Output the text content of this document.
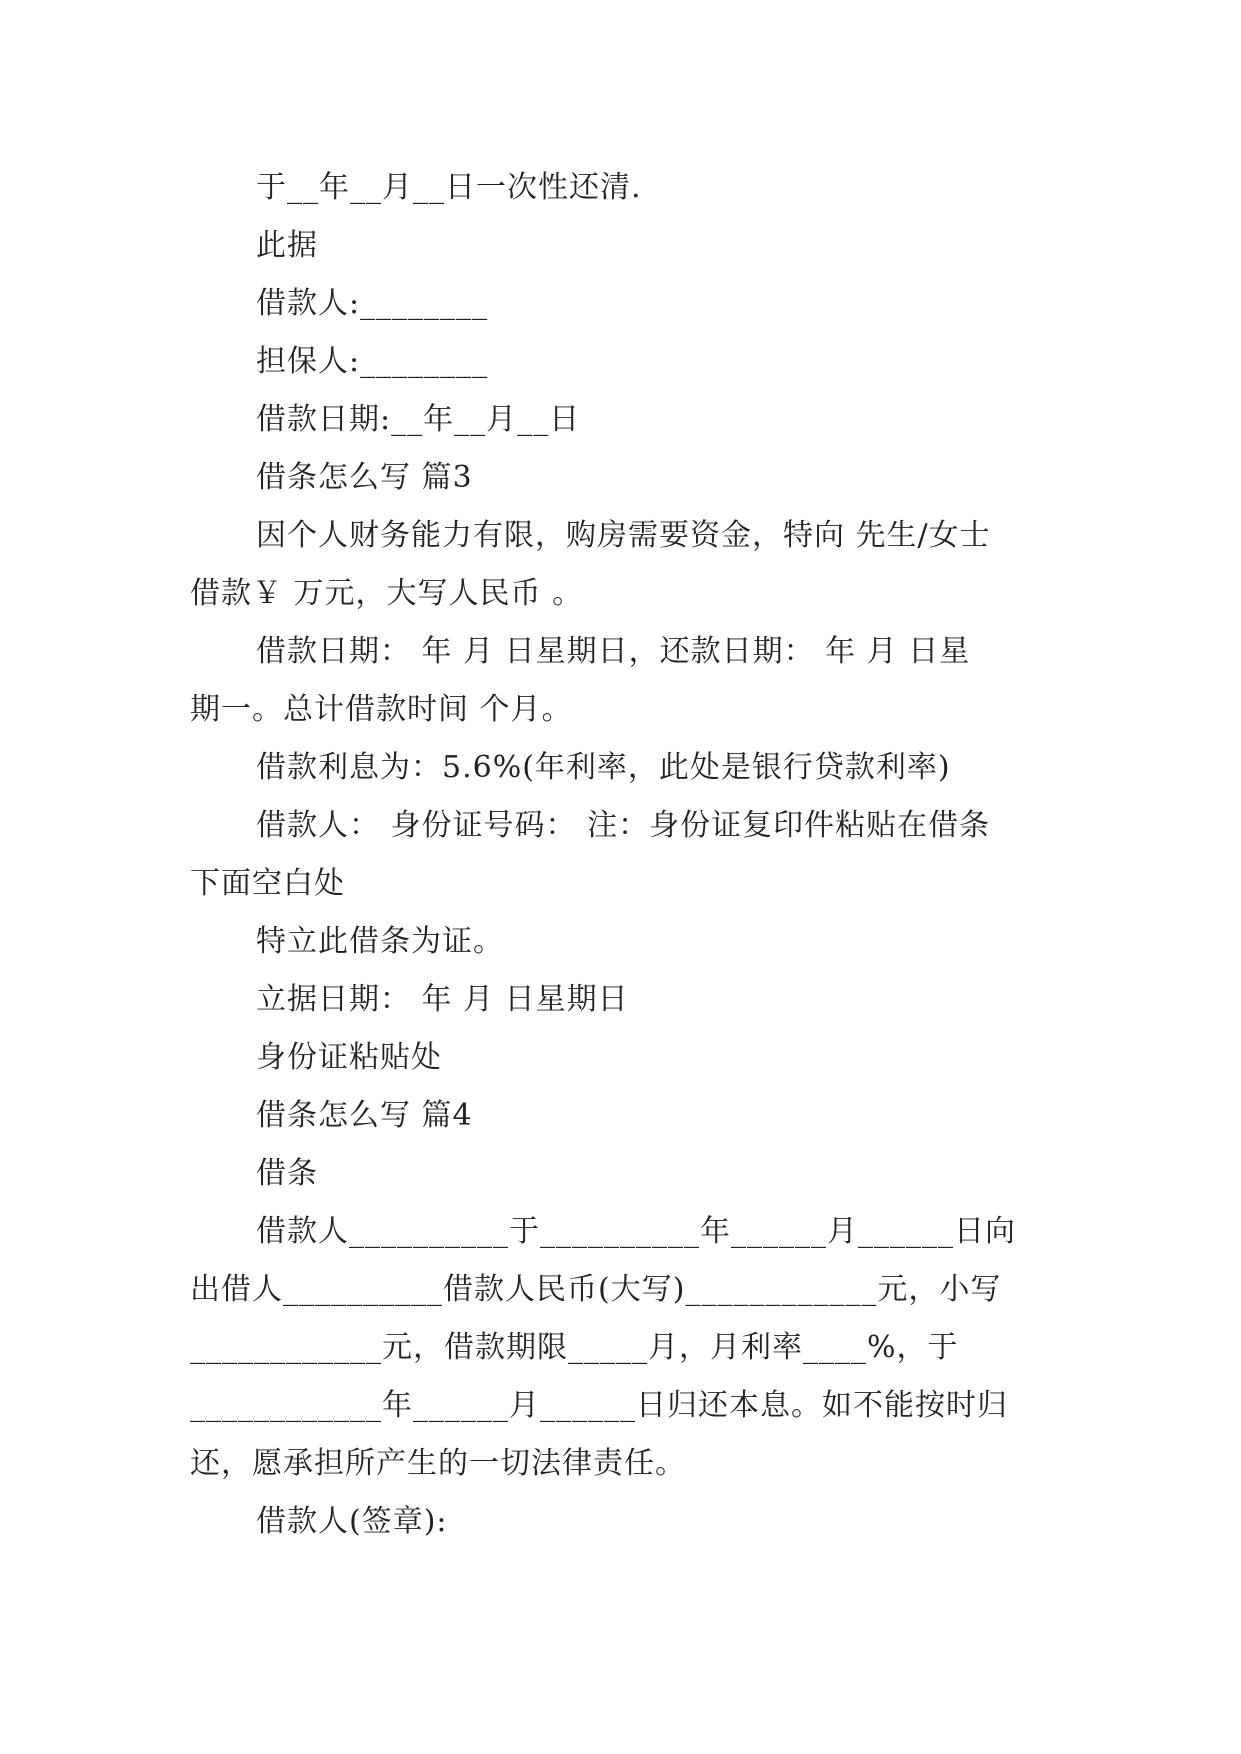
于__年__月__日一次性还清.
此据
借款人:________
担保人:________
借款日期:__年__月__日
借条怎么写 篇3
因个人财务能力有限，购房需要资金，特向 先生/女士
借款￥ 万元，大写人民币 。
借款日期： 年 月 日星期日，还款日期： 年 月 日星
期一。总计借款时间 个月。
借款利息为：5.6%(年利率，此处是银行贷款利率)
借款人： 身份证号码： 注：身份证复印件粘贴在借条
下面空白处
特立此借条为证。
立据日期： 年 月 日星期日
身份证粘贴处
借条怎么写 篇4
借条
借款人__________于__________年______月______日向
出借人__________借款人民币(大写)____________元，小写
____________元，借款期限_____月，月利率____%，于
____________年______月______日归还本息。如不能按时归
还，愿承担所产生的一切法律责任。
借款人(签章):
